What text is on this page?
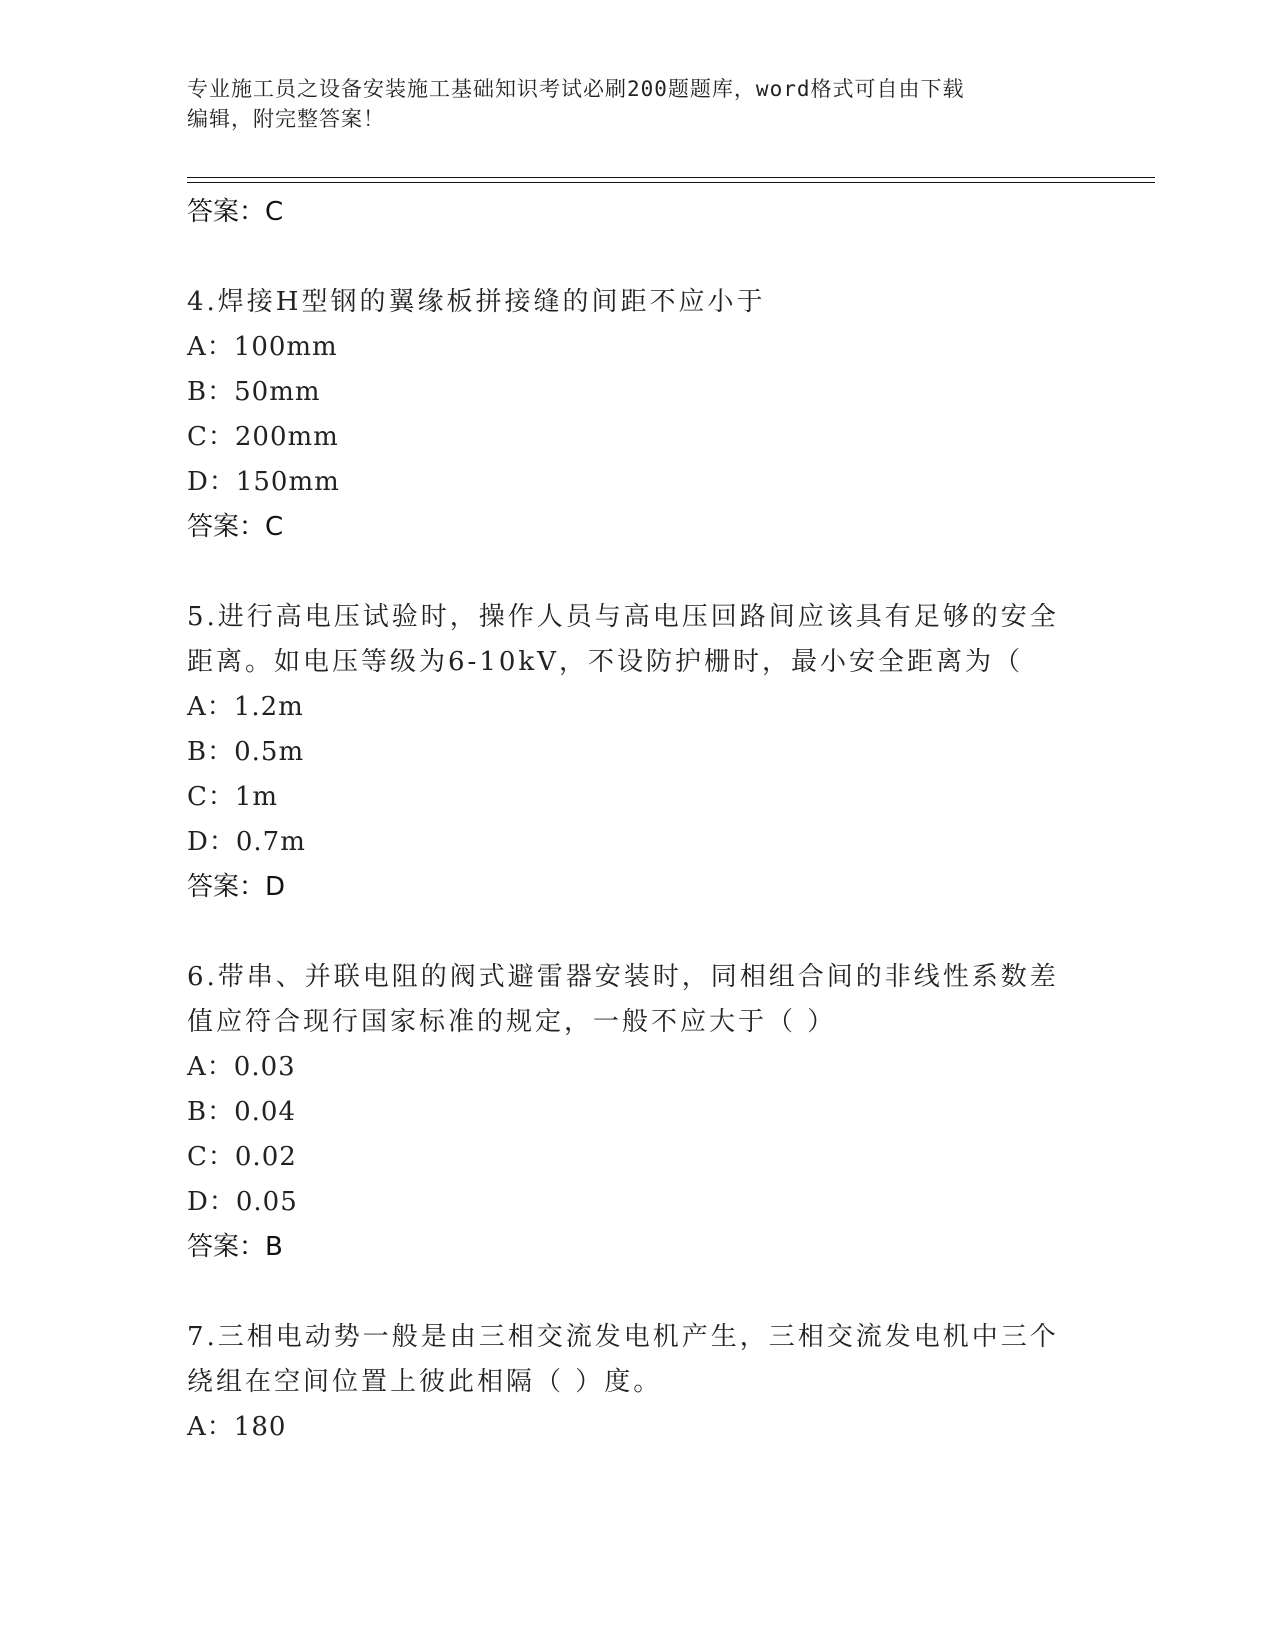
专业施工员之设备安装施工基础知识考试必刷200题题库，word格式可自由下载
编辑，附完整答案！
答案：C
4.焊接H型钢的翼缘板拼接缝的间距不应小于
A：100mm
B：50mm
C：200mm
D：150mm
答案：C
5.进行高电压试验时，操作人员与高电压回路间应该具有足够的安全
距离。如电压等级为6-10kV，不设防护栅时，最小安全距离为（
A：1.2m
B：0.5m
C：1m
D：0.7m
答案：D
6.带串、并联电阻的阀式避雷器安装时，同相组合间的非线性系数差
值应符合现行国家标准的规定，一般不应大于（ ）
A：0.03
B：0.04
C：0.02
D：0.05
答案：B
7.三相电动势一般是由三相交流发电机产生，三相交流发电机中三个
绕组在空间位置上彼此相隔（ ）度。
A：180
